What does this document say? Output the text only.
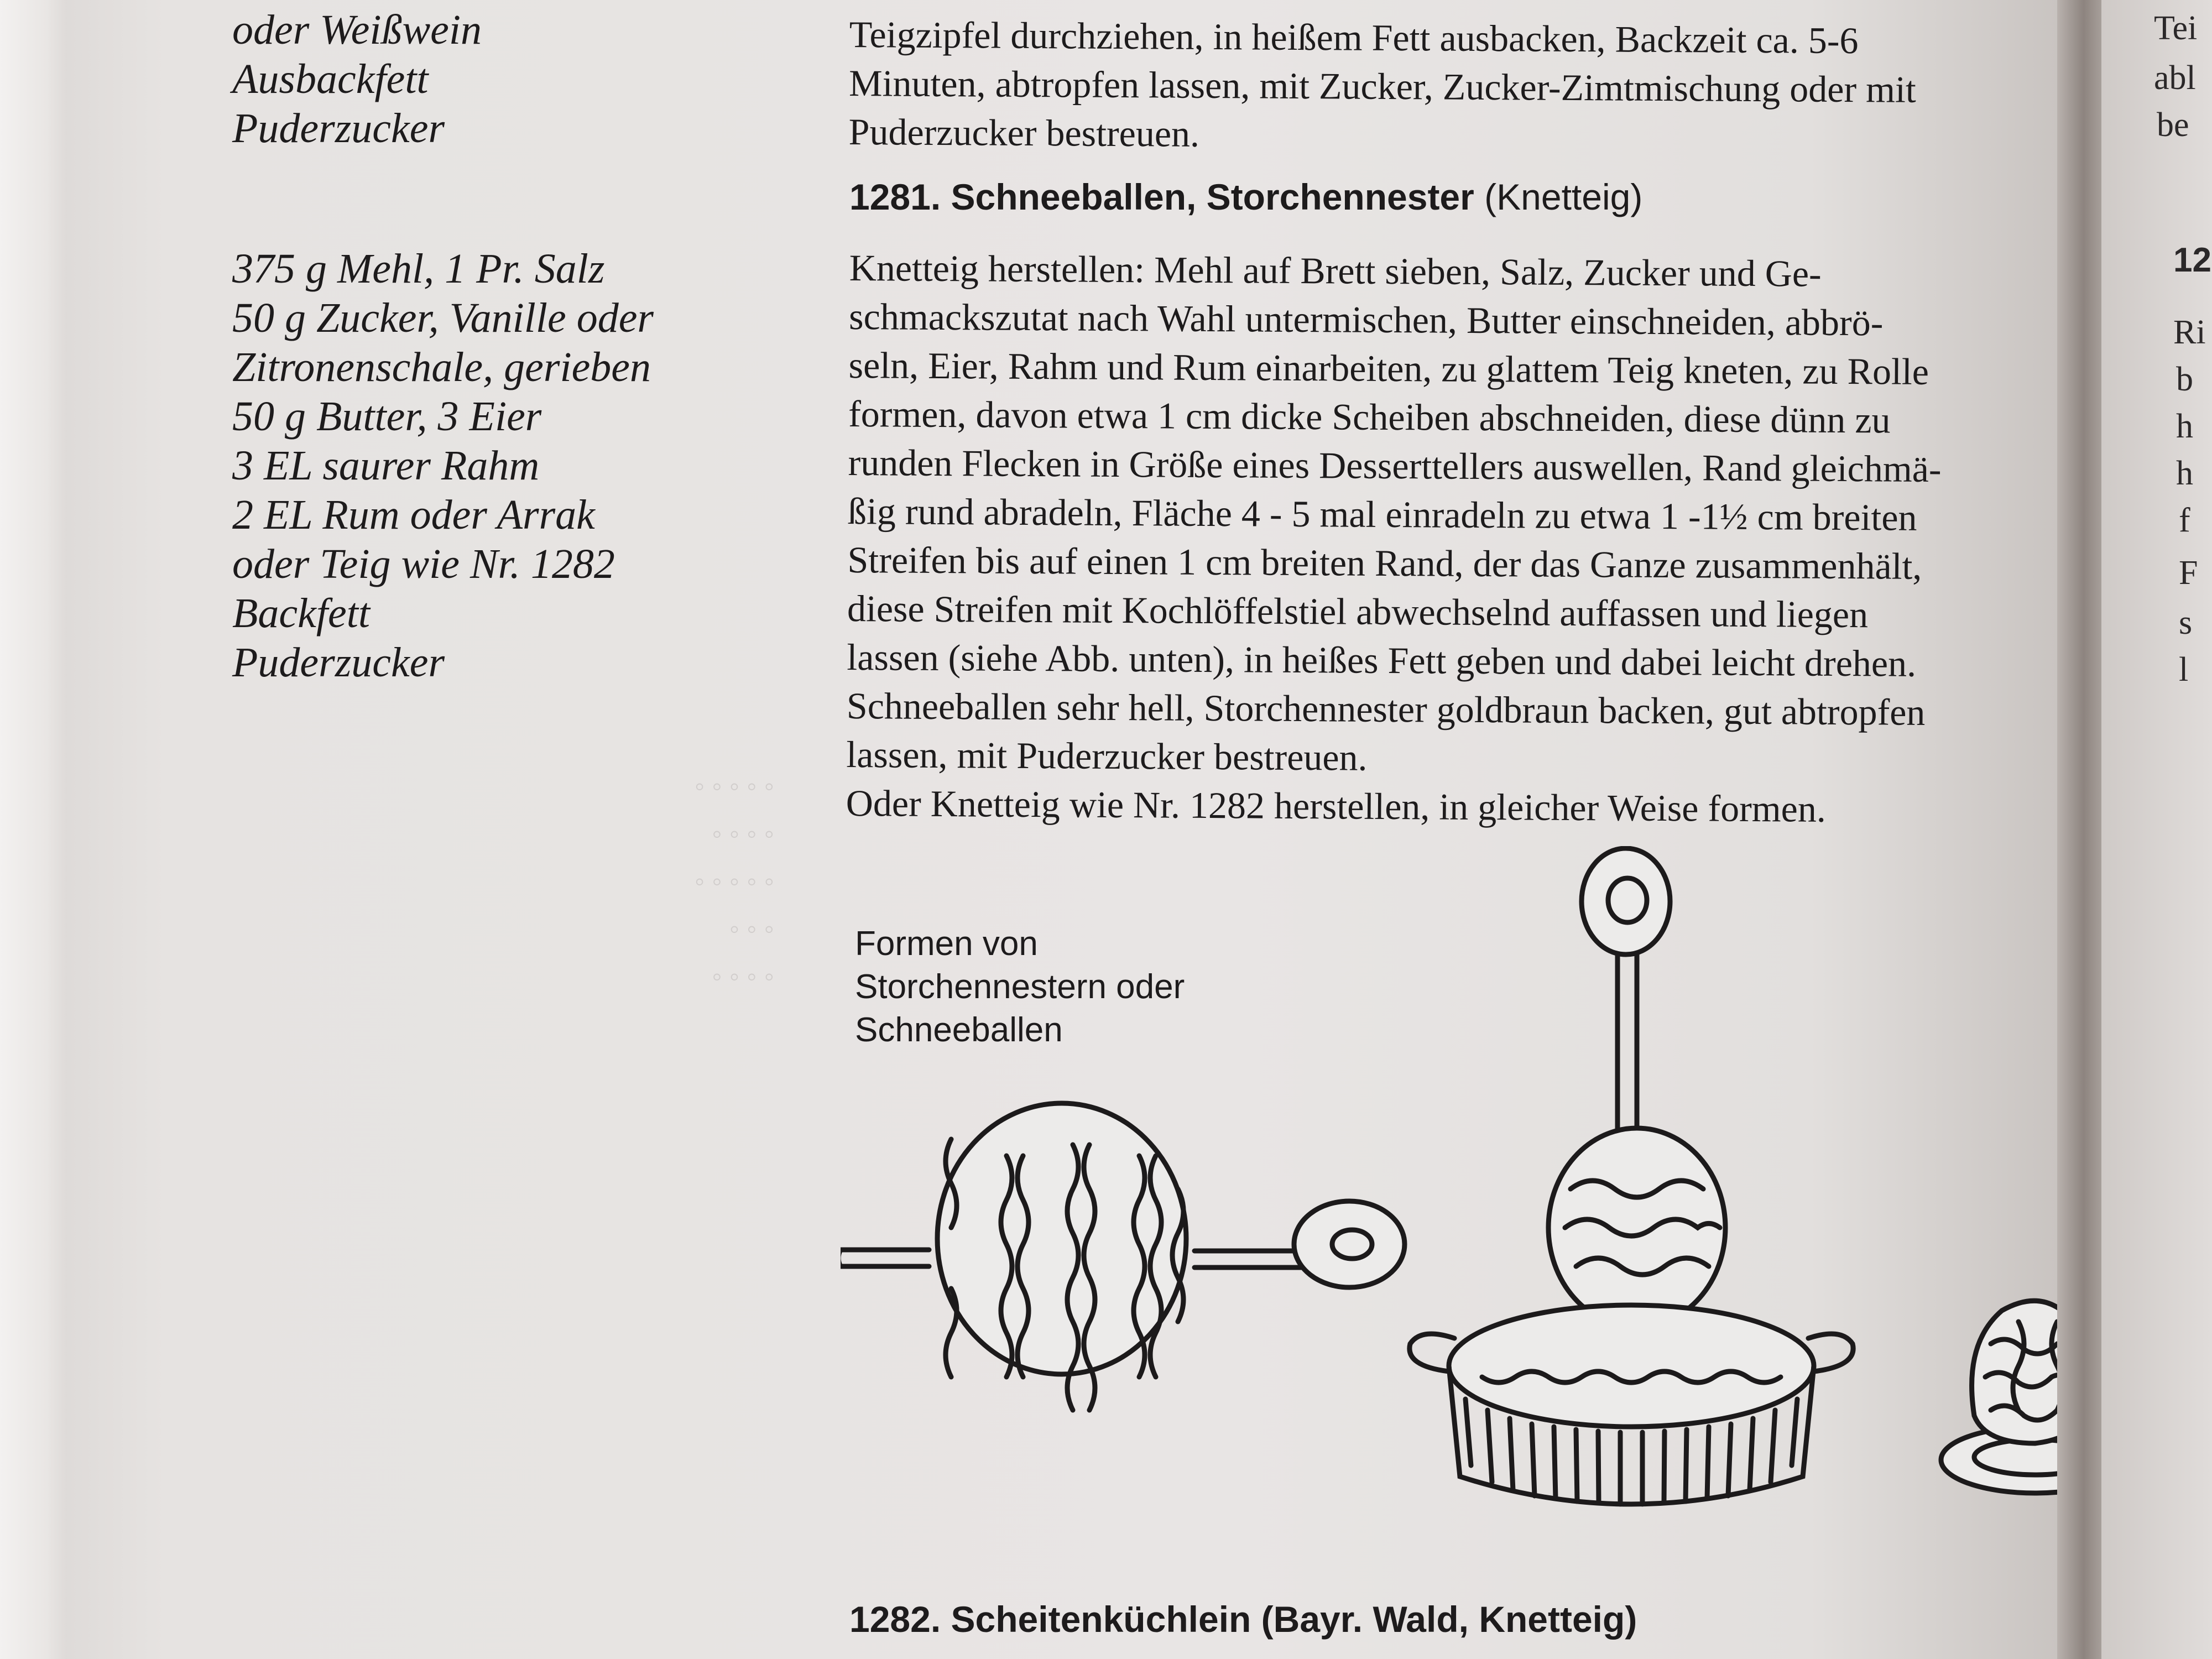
◦ ◦ ◦ ◦ ◦
◦ ◦ ◦ ◦
◦ ◦ ◦ ◦ ◦
◦ ◦ ◦
◦ ◦ ◦ ◦
oder Weißwein
Ausbackfett
Puderzucker
Teigzipfel durchziehen, in heißem Fett ausbacken, Backzeit ca. 5-6
Minuten, abtropfen lassen, mit Zucker, Zucker-Zimtmischung oder mit
Puderzucker bestreuen.
1281. Schneeballen, Storchennester (Knetteig)
375 g Mehl, 1 Pr. Salz
50 g Zucker, Vanille oder
Zitronenschale, gerieben
50 g Butter, 3 Eier
3 EL saurer Rahm
2 EL Rum oder Arrak
oder Teig wie Nr. 1282
Backfett
Puderzucker
Knetteig herstellen: Mehl auf Brett sieben, Salz, Zucker und Ge-
schmackszutat nach Wahl untermischen, Butter einschneiden, abbrö-
seln, Eier, Rahm und Rum einarbeiten, zu glattem Teig kneten, zu Rolle
formen, davon etwa 1 cm dicke Scheiben abschneiden, diese dünn zu
runden Flecken in Größe eines Desserttellers auswellen, Rand gleichmä-
ßig rund abradeln, Fläche 4 - 5 mal einradeln zu etwa 1 -1½ cm breiten
Streifen bis auf einen 1 cm breiten Rand, der das Ganze zusammenhält,
diese Streifen mit Kochlöffelstiel abwechselnd auffassen und liegen
lassen (siehe Abb. unten), in heißes Fett geben und dabei leicht drehen.
Schneeballen sehr hell, Storchennester goldbraun backen, gut abtropfen
lassen, mit Puderzucker bestreuen.
Oder Knetteig wie Nr. 1282 herstellen, in gleicher Weise formen.
Formen von
Storchennestern oder
Schneeballen
1282. Scheitenküchlein (Bayr. Wald, Knetteig)
Tei
abl
be
12
Ri
b
h
h
f
F
s
l
